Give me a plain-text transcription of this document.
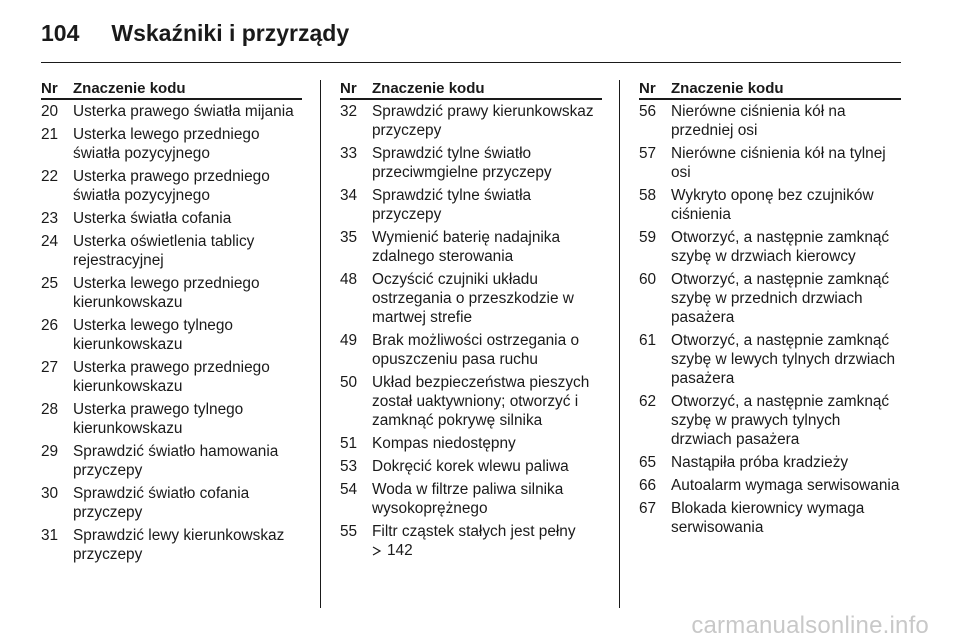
104 Wskaźniki i przyrządy
Nr	Znaczenie kodu
20 Usterka prawego światła mijania
21 Usterka lewego przedniego światła pozycyjnego
22 Usterka prawego przedniego światła pozycyjnego
23 Usterka światła cofania
24 Usterka oświetlenia tablicy rejestracyjnej
25 Usterka lewego przedniego kierunkowskazu
26 Usterka lewego tylnego kierunkowskazu
27 Usterka prawego przedniego kierunkowskazu
28 Usterka prawego tylnego kierunkowskazu
29 Sprawdzić światło hamowania przyczepy
30 Sprawdzić światło cofania przyczepy
31 Sprawdzić lewy kierunkowskaz przyczepy
Nr	Znaczenie kodu
32 Sprawdzić prawy kierunkowskaz przyczepy
33 Sprawdzić tylne światło przeciwmgielne przyczepy
34 Sprawdzić tylne światła przyczepy
35 Wymienić baterię nadajnika zdalnego sterowania
48 Oczyścić czujniki układu ostrzegania o przeszkodzie w martwej strefie
49 Brak możliwości ostrzegania o opuszczeniu pasa ruchu
50 Układ bezpieczeństwa pieszych został uaktywniony; otworzyć i zamknąć pokrywę silnika
51 Kompas niedostępny
53 Dokręcić korek wlewu paliwa
54 Woda w filtrze paliwa silnika wysokoprężnego
55 Filtr cząstek stałych jest pełny

142
Nr	Znaczenie kodu
56 Nierówne ciśnienia kół na przedniej osi
57 Nierówne ciśnienia kół na tylnej osi
58 Wykryto oponę bez czujników ciśnienia
59 Otworzyć, a następnie zamknąć szybę w drzwiach kierowcy
60 Otworzyć, a następnie zamknąć szybę w przednich drzwiach pasażera
61 Otworzyć, a następnie zamknąć szybę w lewych tylnych drzwiach pasażera
62 Otworzyć, a następnie zamknąć szybę w prawych tylnych drzwiach pasażera
65 Nastąpiła próba kradzieży
66 Autoalarm wymaga serwisowania
67 Blokada kierownicy wymaga serwisowania
carmanualsonline.info
